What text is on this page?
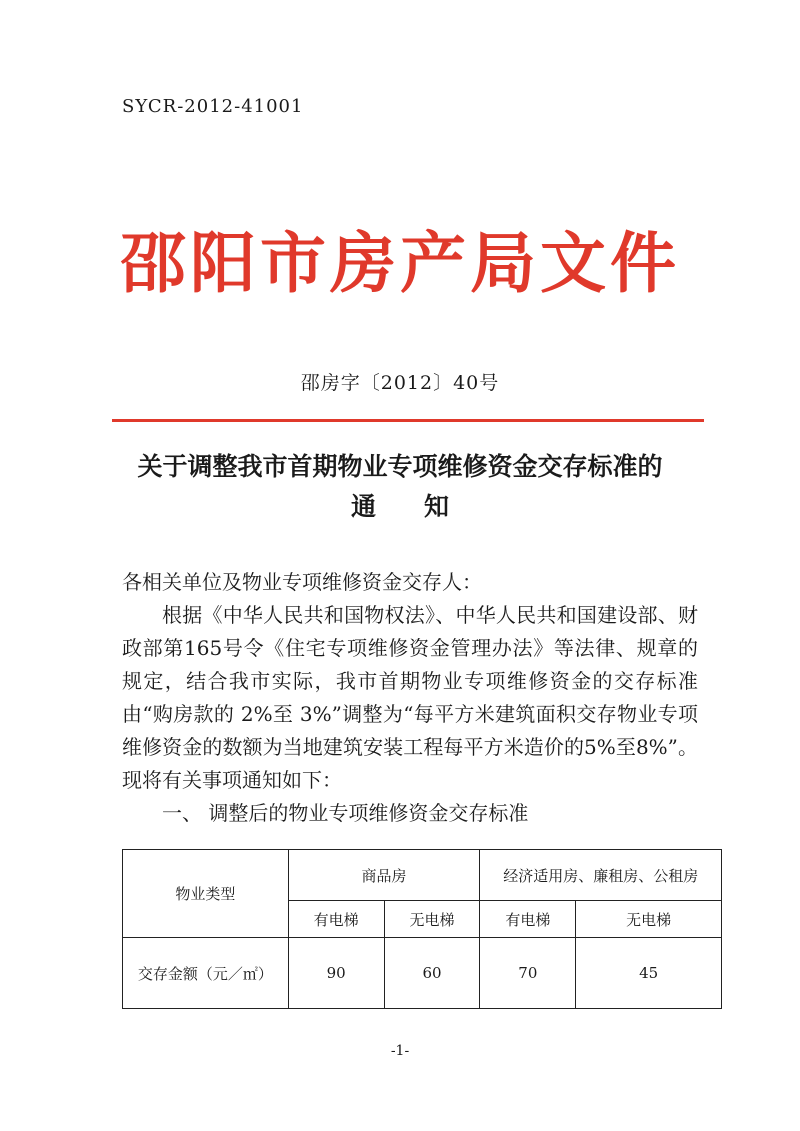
SYCR-2012-41001
邵阳市房产局文件
邵房字〔2012〕40号
关于调整我市首期物业专项维修资金交存标准的
通知

各相关单位及物业专项维修资金交存人：

根据《中华人民共和国物权法》、中华人民共和国建设部、财政部第165号令《住宅专项维修资金管理办法》等法律、规章的规定，结合我市实际，我市首期物业专项维修资金的交存标准由“购房款的 2%至 3%”调整为“每平方米建筑面积交存物业专项维修资金的数额为当地建筑安装工程每平方米造价的5%至8%”。现将有关事项通知如下：

一、 调整后的物业专项维修资金交存标准

物业类型	商品房		经济适用房、廉租房、公租房	
	有电梯	无电梯	有电梯	无电梯
交存金额（元／㎡）	90	60	70	45
-1-
